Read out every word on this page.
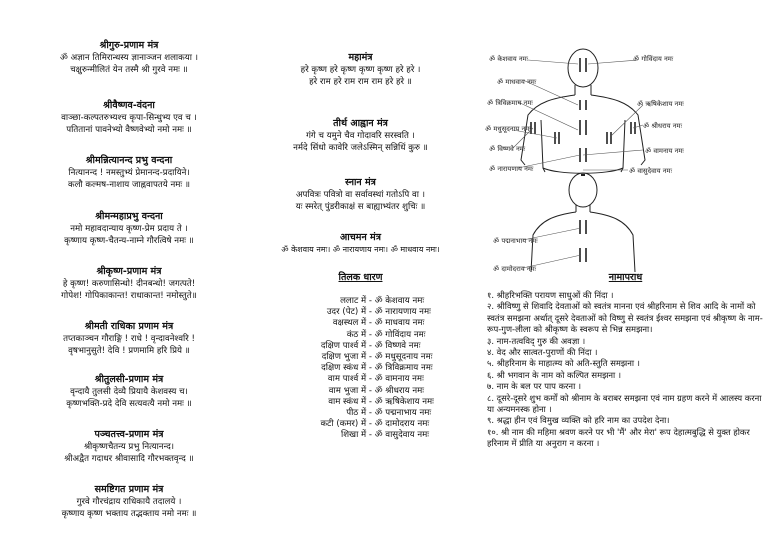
श्रीगुरु-प्रणाम मंत्र
ॐ अज्ञान तिमिरान्धस्य ज्ञानाञ्जन शलाकया ।
चक्षुरुन्मीलितं येन तस्मै श्री गुरवे नमः ॥
श्रीवैष्णव-वंदना
वाञ्छा-कल्पतरुभ्यश्च कृपा-सिन्धुभ्य एव च ।
पतितानां पावनेभ्यो वैष्णवेभ्यो नमो नमः ॥
श्रीमन्नित्यानन्द प्रभु वन्दना
नित्यानन्द ! नमस्तुभ्यं प्रेमानन्द-प्रदायिने।
कलौ कल्मष-नाशाय जाह्नवापतये नमः ॥
श्रीमन्महाप्रभु वन्दना
नमो महावदान्याय कृष्ण-प्रेम प्रदाय ते ।
कृष्णाय कृष्ण-चैतन्य-नाम्ने गौरत्विषे नमः ॥
श्रीकृष्ण-प्रणाम मंत्र
हे कृष्ण! करुणासिन्धो! दीनबन्धो! जगत्पते!
गोपेश! गोपिकाकान्त! राधाकान्त! नमोस्तुते॥
श्रीमती राधिका प्रणाम मंत्र
तप्तकाञ्चन गौराङ्गि ! राधे ! वृन्दावनेश्वरि !
वृषभानुसुते! देवि ! प्रणमामि हरि प्रिये ॥
श्रीतुलसी-प्रणाम मंत्र
वृन्दायै तुलसी देव्यै प्रियायै केशवस्य च।
कृष्णभक्ति-प्रदे देवि सत्यवत्यै नमो नमः ॥
पञ्चतत्त्व-प्रणाम मंत्र
श्रीकृष्णचैतन्य प्रभु नित्यानन्द।
श्रीअद्वैत गदाधर श्रीवासादि गौरभक्तवृन्द ॥
समष्टिगत प्रणाम मंत्र
गुरवे गौरचंद्राय राधिकायै तदालये ।
कृष्णाय कृष्ण भक्ताय तद्भक्ताय नमो नमः ॥
महामंत्र
हरे कृष्ण हरे कृष्ण कृष्ण कृष्ण हरे हरे ।
हरे राम हरे राम राम राम हरे हरे ॥
तीर्थ आह्वान मंत्र
गंगे च यमुने चैव गोदावरि सरस्वति ।
नर्मदे सिंधो कावेरि जलेऽस्मिन् सन्निधिं कुरु ॥
स्नान मंत्र
अपवित्रः पवित्रो वा सर्वावस्थां गतोऽपि वा ।
यः स्मरेत् पुंडरीकाक्षं स बाह्याभ्यंतर शुचिः ॥
आचमन मंत्र
ॐ केशवाय नमः। ॐ नारायणाय नमः। ॐ माधवाय नमः।
तिलक धारण
ललाट में - ॐ केशवाय नमः
उदर (पेट) में - ॐ नारायणाय नमः
वक्षस्थल में - ॐ माधवाय नमः
कंठ में - ॐ गोविंदाय नमः
दक्षिण पार्श्व में - ॐ विष्णवे नमः
दक्षिण भुजा में - ॐ मधुसूदनाय नमः
दक्षिण स्कंध में - ॐ त्रिविक्रमाय नमः
वाम पार्श्व में - ॐ वामनाय नमः
वाम भुजा में - ॐ श्रीधराय नमः
वाम स्कंध में - ॐ ऋषिकेशाय नमः
पीठ में - ॐ पद्मनाभाय नमः
कटी (कमर) में - ॐ दामोदराय नमः
शिखा में - ॐ वासुदेवाय नमः
ॐ केशवाय नमः	ॐ गोविंदाय नमः
ॐ माधवाय नमः
ॐ त्रिविक्रमाय नमः	ॐ ऋषिकेशाय नमः
ॐ मधुसूदनाय नमः	ॐ श्रीधराय नमः
ॐ विष्णवे नमः	ॐ वामनाय नमः
ॐ नारायणाय नमः	ॐ वासुदेवाय नमः
ॐ पद्मनाभाय नमः
ॐ दामोदराय नमः
नामापराध
१. श्रीहरिभक्ति परायण साधुओं की निंदा ।
२. श्रीविष्णु से शिवादि देवताओं को स्वतंत्र मानना एवं श्रीहरिनाम से शिव आदि के नामों को स्वतंत्र समझना अर्थात् दूसरे देवताओं को विष्णु से स्वतंत्र ईश्वर समझना एवं श्रीकृष्ण के नाम-रूप-गुण-लीला को श्रीकृष्ण के स्वरूप से भिन्न समझना।
३. नाम-तत्वविद् गुरु की अवज्ञा ।
४. वेद और सात्वत-पुराणों की निंदा ।
५. श्रीहरिनाम के माहात्म्य को अति-स्तुति समझना ।
६. श्री भगवान के नाम को कल्पित समझना ।
७. नाम के बल पर पाप करना ।
८. दूसरे-दूसरे शुभ कर्मों को श्रीनाम के बराबर समझना एवं नाम ग्रहण करने में आलस्य करना या अन्यमनस्क होना ।
९. श्रद्धा हीन एवं विमुख व्यक्ति को हरि नाम का उपदेश देना।
१०. श्री नाम की महिमा श्रवण करने पर भी 'मैं' और मेरा' रूप देहात्मबुद्धि से युक्त होकर हरिनाम में प्रीति या अनुराग न करना ।
